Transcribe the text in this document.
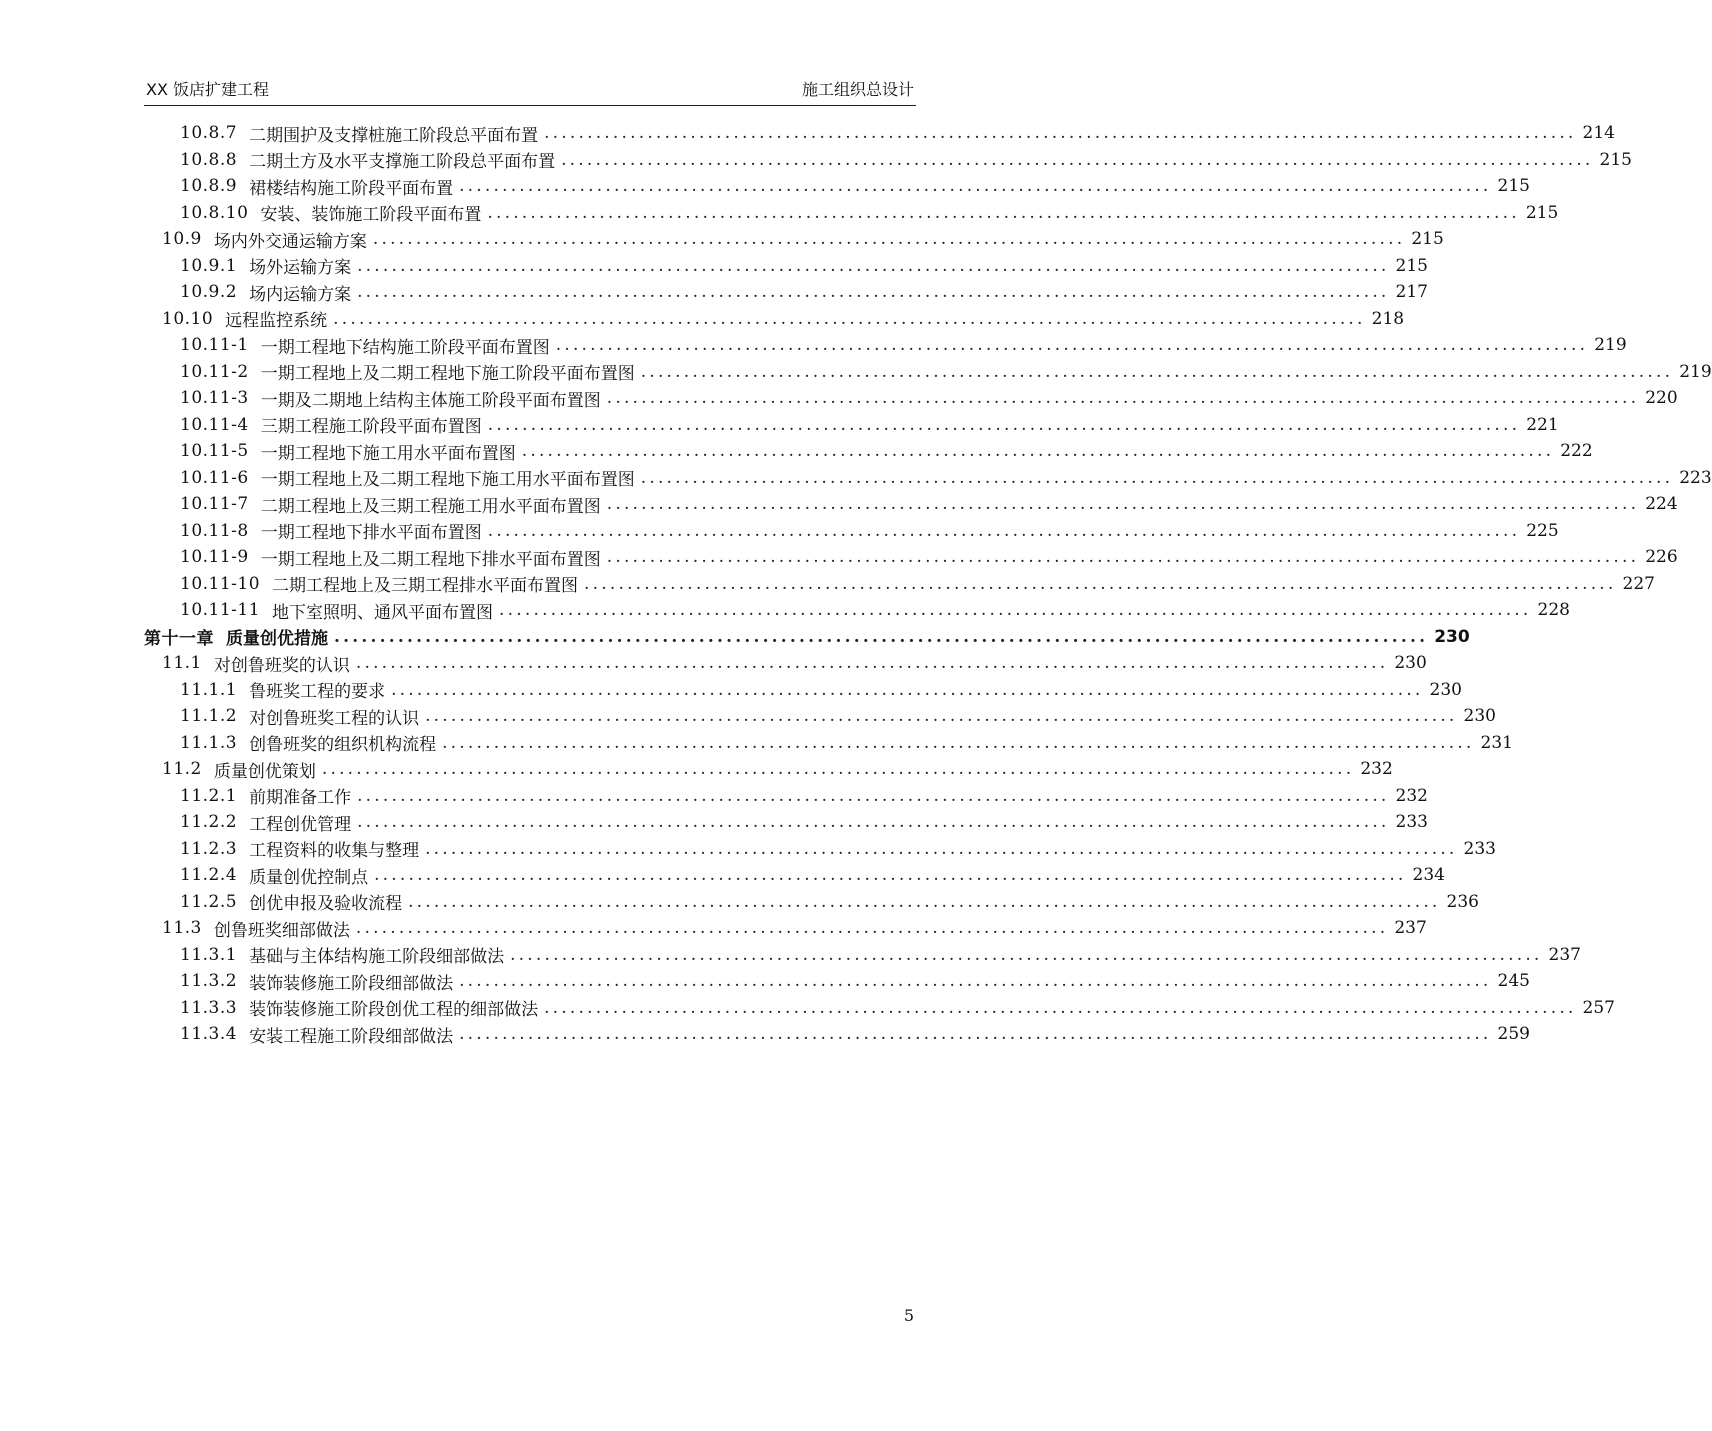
XX 饭店扩建工程	施工组织总设计
10.8.7 二期围护及支撑桩施工阶段总平面布置 ........................................................................................................................ 214
10.8.8 二期土方及水平支撑施工阶段总平面布置 ........................................................................................................................ 215
10.8.9 裙楼结构施工阶段平面布置 ........................................................................................................................ 215
10.8.10 安装、装饰施工阶段平面布置 ........................................................................................................................ 215
10.9 场内外交通运输方案 ........................................................................................................................ 215
10.9.1 场外运输方案 ........................................................................................................................ 215
10.9.2 场内运输方案 ........................................................................................................................ 217
10.10 远程监控系统 ........................................................................................................................ 218
10.11-1 一期工程地下结构施工阶段平面布置图 ........................................................................................................................ 219
10.11-2 一期工程地上及二期工程地下施工阶段平面布置图 ........................................................................................................................ 219
10.11-3 一期及二期地上结构主体施工阶段平面布置图 ........................................................................................................................ 220
10.11-4 三期工程施工阶段平面布置图 ........................................................................................................................ 221
10.11-5 一期工程地下施工用水平面布置图 ........................................................................................................................ 222
10.11-6 一期工程地上及二期工程地下施工用水平面布置图 ........................................................................................................................ 223
10.11-7 二期工程地上及三期工程施工用水平面布置图 ........................................................................................................................ 224
10.11-8 一期工程地下排水平面布置图 ........................................................................................................................ 225
10.11-9 一期工程地上及二期工程地下排水平面布置图 ........................................................................................................................ 226
10.11-10 二期工程地上及三期工程排水平面布置图 ........................................................................................................................ 227
10.11-11 地下室照明、通风平面布置图 ........................................................................................................................ 228
第十一章 质量创优措施 ........................................................................................................................ 230
11.1 对创鲁班奖的认识 ........................................................................................................................ 230
11.1.1 鲁班奖工程的要求 ........................................................................................................................ 230
11.1.2 对创鲁班奖工程的认识 ........................................................................................................................ 230
11.1.3 创鲁班奖的组织机构流程 ........................................................................................................................ 231
11.2 质量创优策划 ........................................................................................................................ 232
11.2.1 前期准备工作 ........................................................................................................................ 232
11.2.2 工程创优管理 ........................................................................................................................ 233
11.2.3 工程资料的收集与整理 ........................................................................................................................ 233
11.2.4 质量创优控制点 ........................................................................................................................ 234
11.2.5 创优申报及验收流程 ........................................................................................................................ 236
11.3 创鲁班奖细部做法 ........................................................................................................................ 237
11.3.1 基础与主体结构施工阶段细部做法 ........................................................................................................................ 237
11.3.2 装饰装修施工阶段细部做法 ........................................................................................................................ 245
11.3.3 装饰装修施工阶段创优工程的细部做法 ........................................................................................................................ 257
11.3.4 安装工程施工阶段细部做法 ........................................................................................................................ 259
5
